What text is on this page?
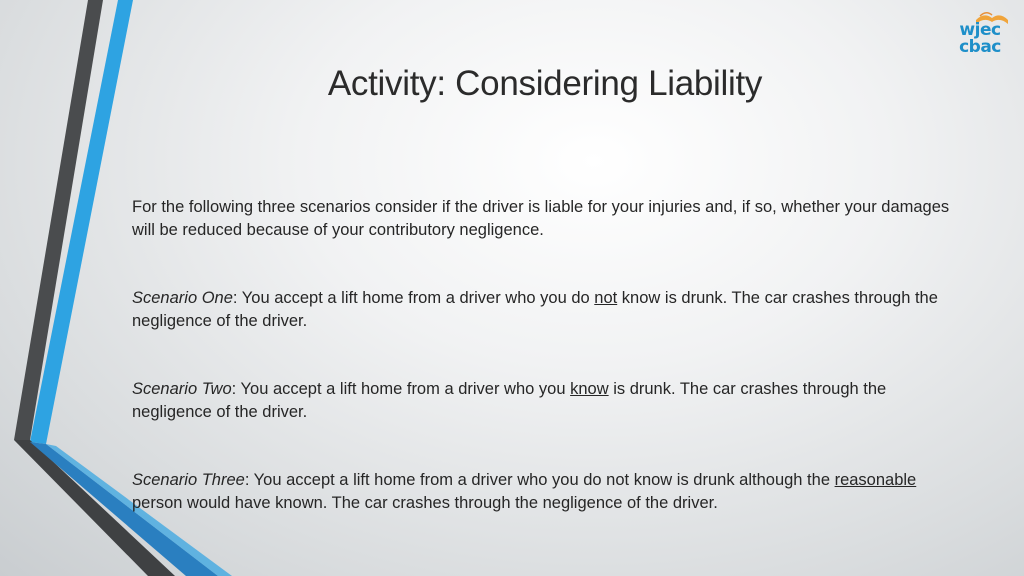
wjec
cbac
Activity: Considering Liability

For the following three scenarios consider if the driver is liable for your injuries and, if so, whether your damages will be reduced because of your contributory negligence.

Scenario One: You accept a lift home from a driver who you do not know is drunk. The car crashes through the negligence of the driver.

Scenario Two: You accept a lift home from a driver who you know is drunk. The car crashes through the negligence of the driver.

Scenario Three: You accept a lift home from a driver who you do not know is drunk although the reasonable person would have known. The car crashes through the negligence of the driver.
